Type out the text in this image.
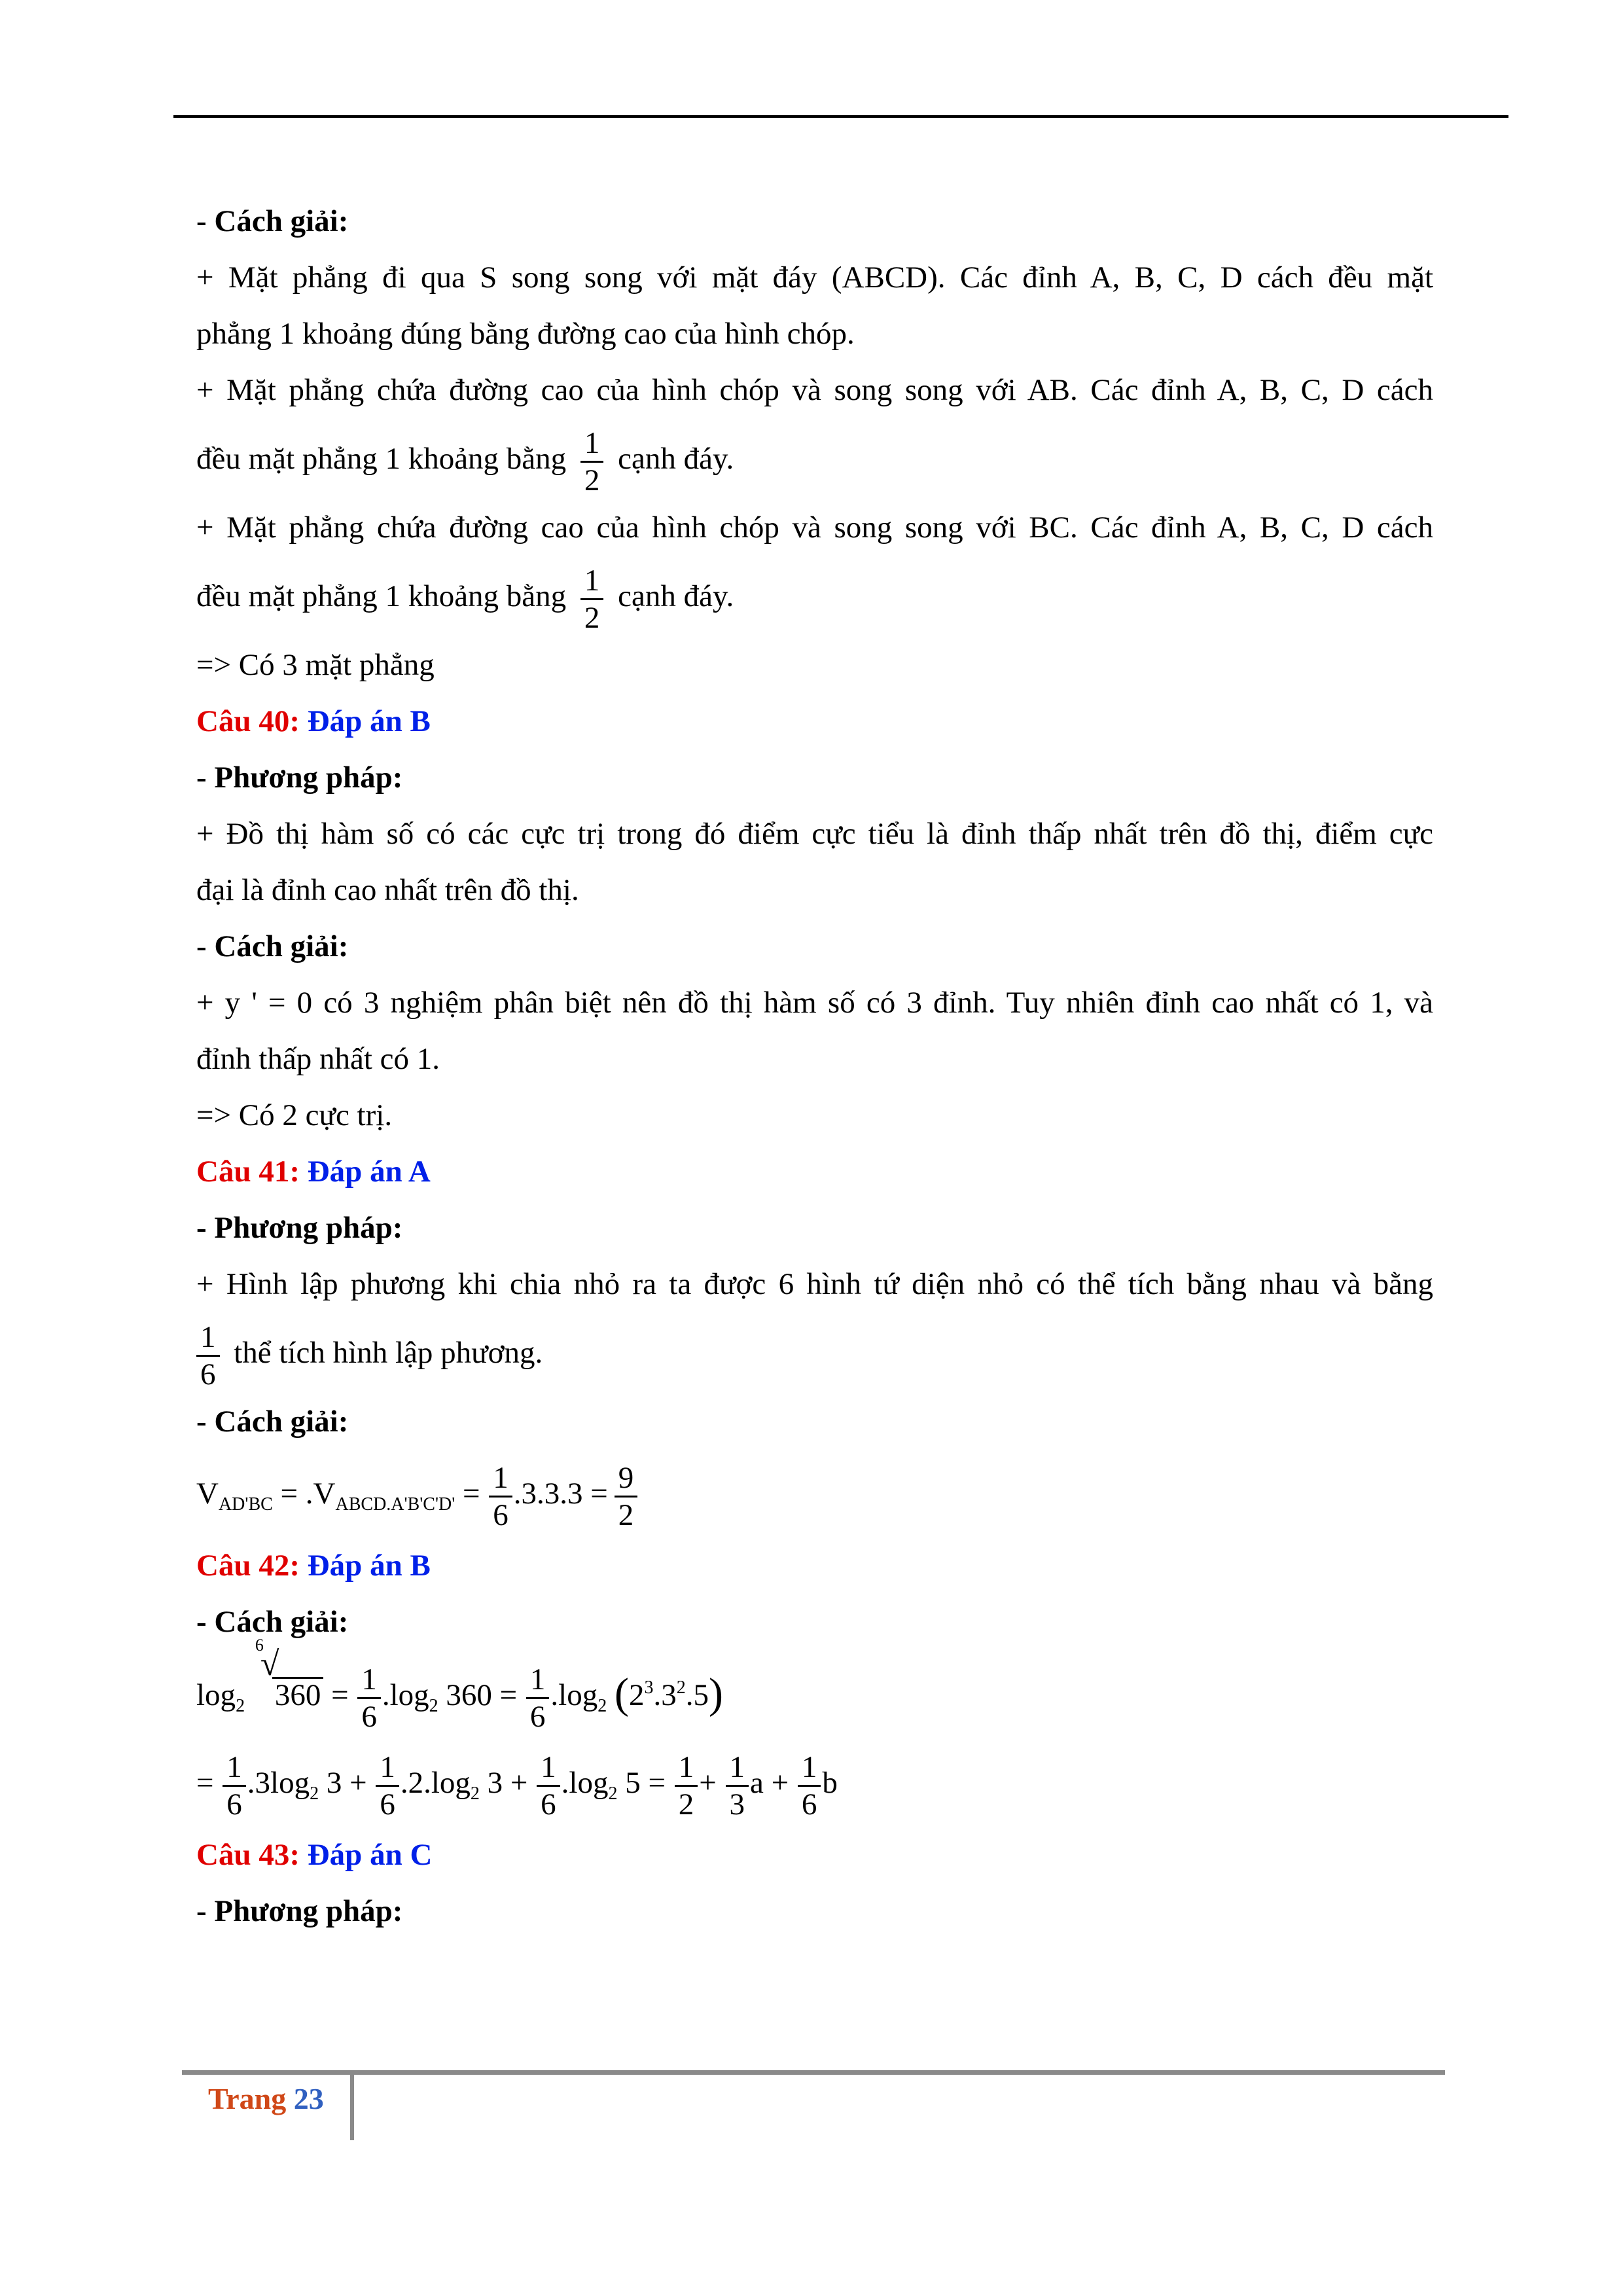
- Cách giải:
+ Mặt phẳng đi qua S song song với mặt đáy (ABCD). Các đỉnh A, B, C, D cách đều mặt
phẳng 1 khoảng đúng bằng đường cao của hình chóp.
+ Mặt phẳng chứa đường cao của hình chóp và song song với AB. Các đỉnh A, B, C, D cách
đều mặt phẳng 1 khoảng bằng $\frac{1}{2}$ cạnh đáy.
+ Mặt phẳng chứa đường cao của hình chóp và song song với BC. Các đỉnh A, B, C, D cách
đều mặt phẳng 1 khoảng bằng $\frac{1}{2}$ cạnh đáy.
=> Có 3 mặt phẳng
Câu 40: Đáp án B
- Phương pháp:
+ Đồ thị hàm số có các cực trị trong đó điểm cực tiểu là đỉnh thấp nhất trên đồ thị, điểm cực
đại là đỉnh cao nhất trên đồ thị.
- Cách giải:
+ y ' = 0 có 3 nghiệm phân biệt nên đồ thị hàm số có 3 đỉnh. Tuy nhiên đỉnh cao nhất có 1, và
đỉnh thấp nhất có 1.
=> Có 2 cực trị.
Câu 41: Đáp án A
- Phương pháp:
+ Hình lập phương khi chia nhỏ ra ta được 6 hình tứ diện nhỏ có thể tích bằng nhau và bằng
$\frac{1}{6}$ thể tích hình lập phương.
- Cách giải:
$V_{AD'BC} = .V_{ABCD.A'B'C'D'} = \frac{1}{6} .3.3.3 = \frac{9}{2}$
Câu 42: Đáp án B
- Cách giải:
$\log_2$
6
√
$360 = \frac{1}{6} .\log_2$ $360 = \frac{1}{6} .\log_2$ $(2^3.3^2.5)$
= $\frac{1}{6} .3\log_2$ $3 + \frac{1}{6} .2.\log_2$ $3 + \frac{1}{6} .\log_2$ $5 = \frac{1}{2} + \frac{1}{3}$ $a + \frac{1}{6}$ b
Câu 43: Đáp án C
- Phương pháp:
Trang 23
